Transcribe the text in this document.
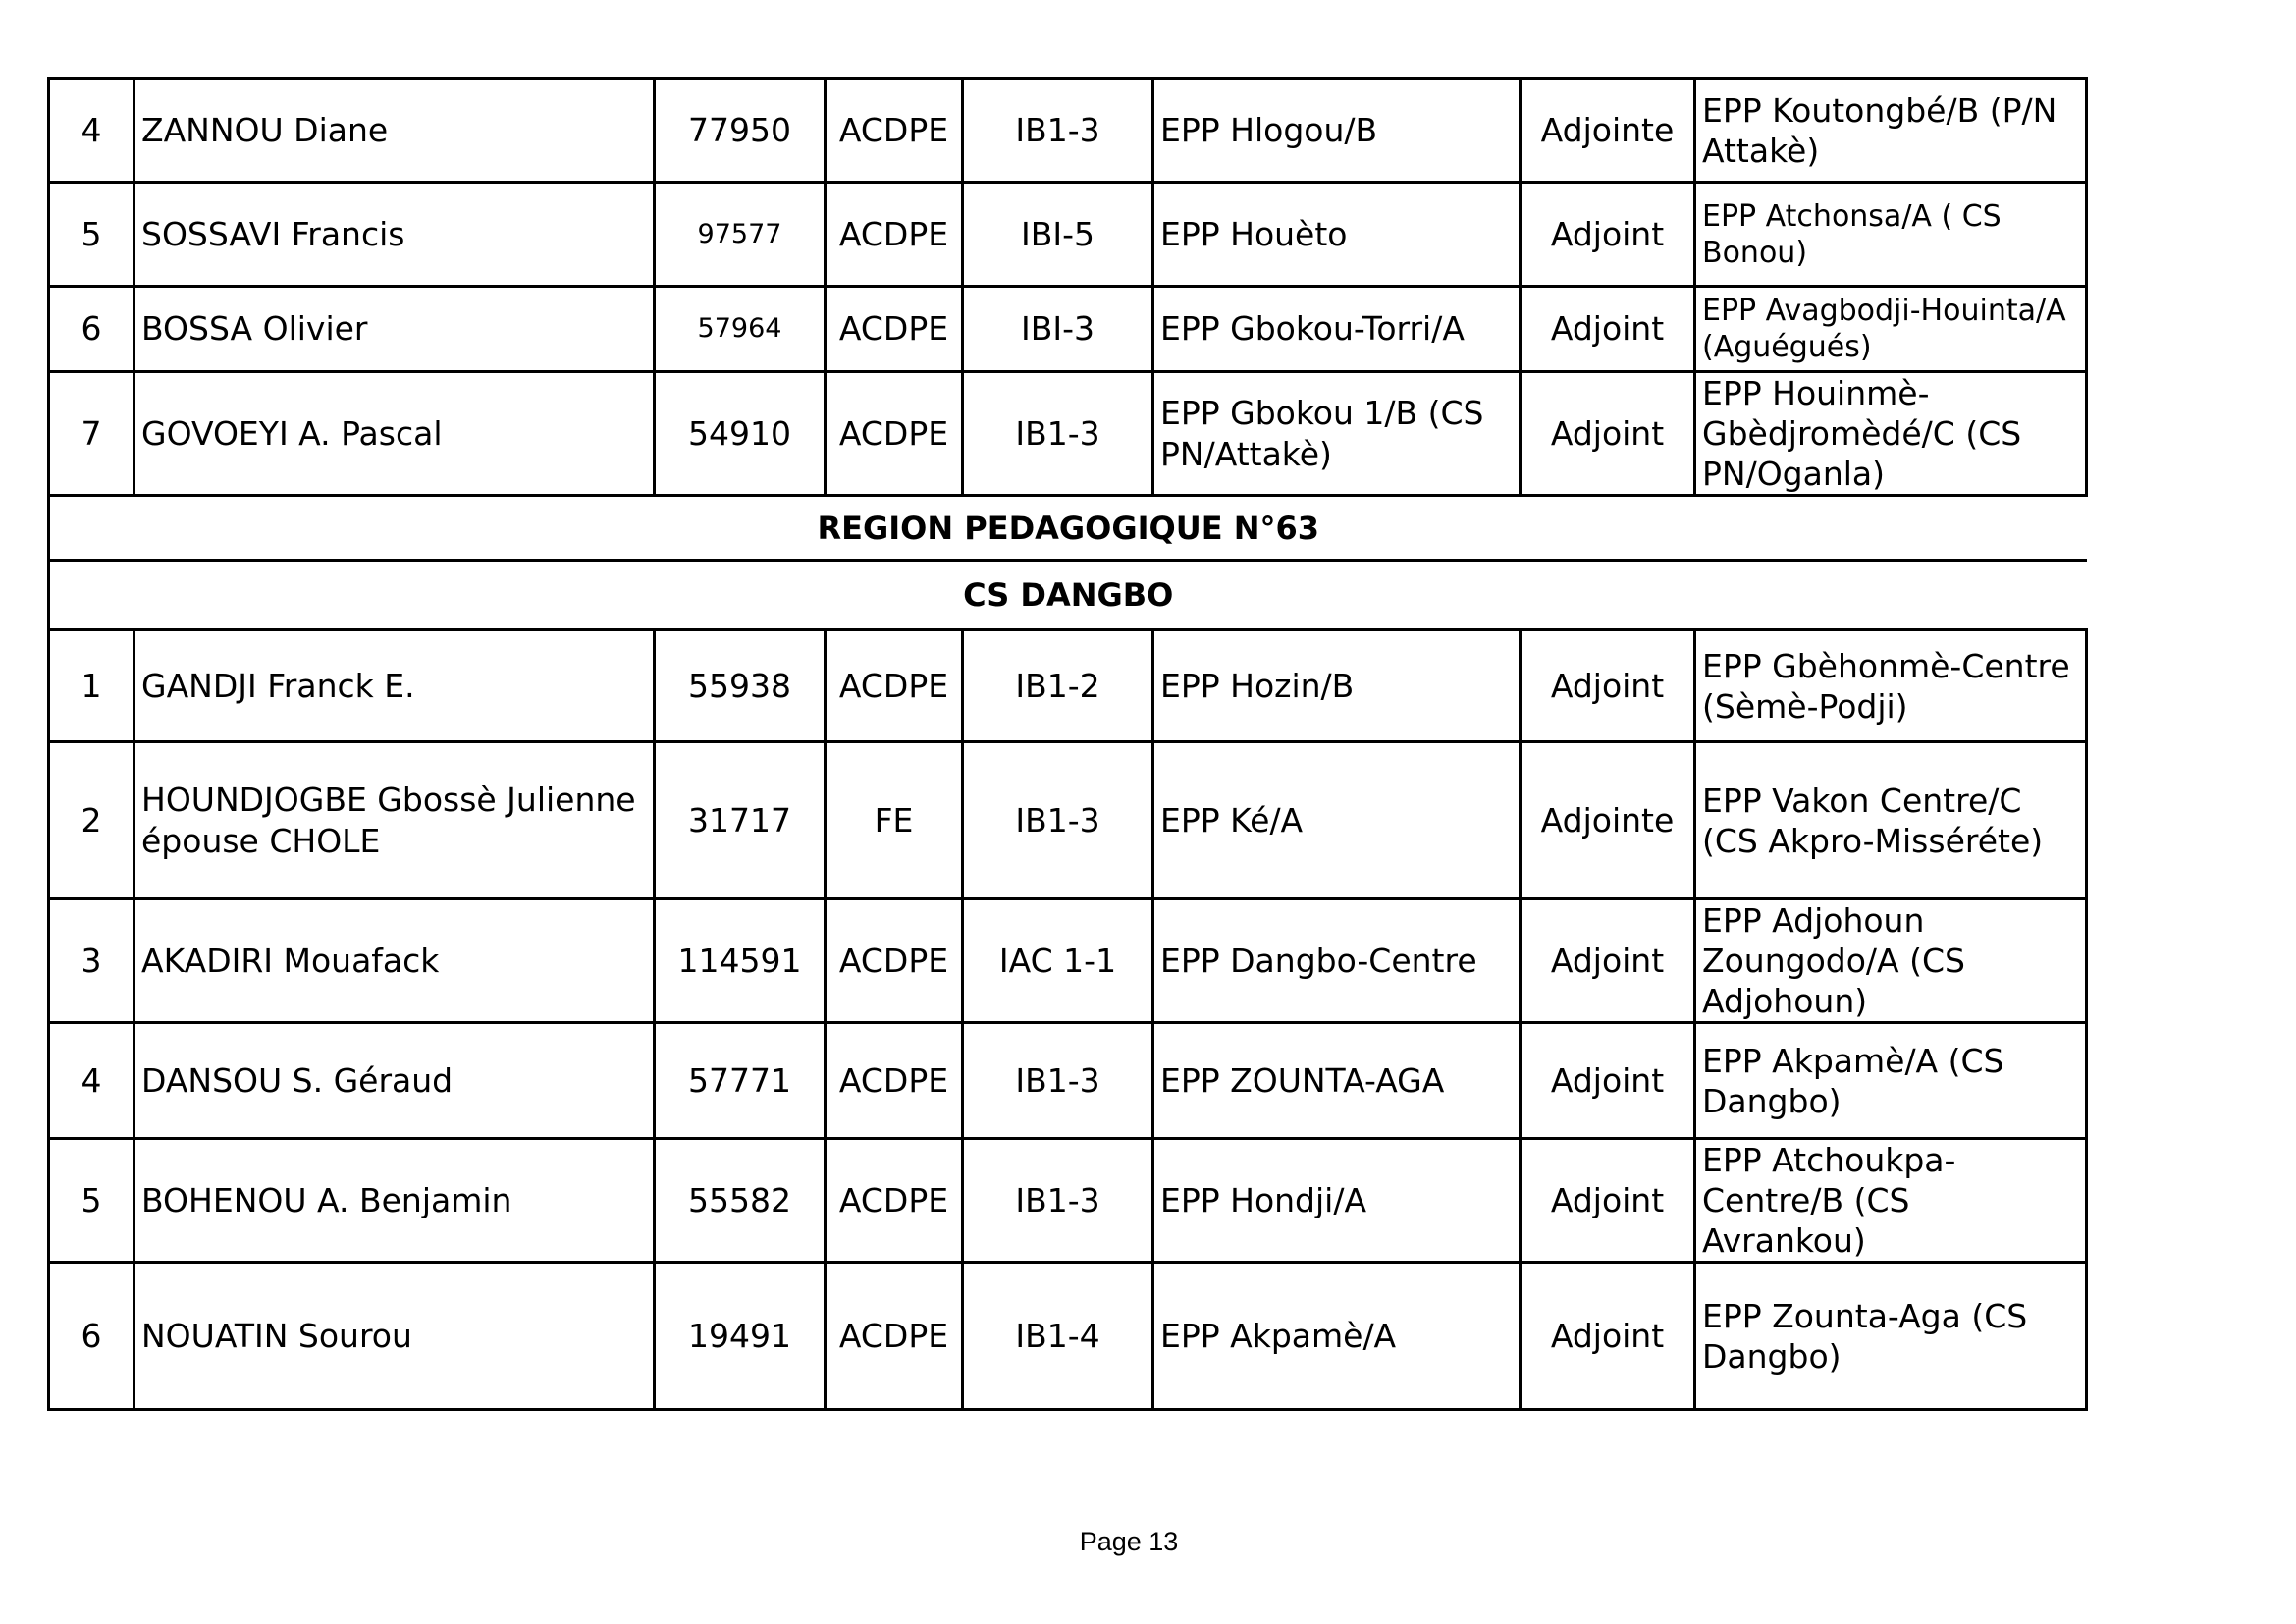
4	ZANNOU Diane	77950	ACDPE	IB1-3	EPP Hlogou/B	Adjointe	EPP Koutongbé/B (P/N Attakè)
5	SOSSAVI Francis	97577	ACDPE	IBI-5	EPP Houèto	Adjoint	EPP Atchonsa/A ( CS Bonou)
6	BOSSA Olivier	57964	ACDPE	IBI-3	EPP Gbokou-Torri/A	Adjoint	EPP Avagbodji-Houinta/A (Aguégués)
7	GOVOEYI A. Pascal	54910	ACDPE	IB1-3	EPP Gbokou 1/B (CS PN/Attakè)	Adjoint	EPP Houinmè-Gbèdjromèdé/C (CS PN/Oganla)
REGION PEDAGOGIQUE N°63							
CS DANGBO							
1	GANDJI Franck E.	55938	ACDPE	IB1-2	EPP Hozin/B	Adjoint	EPP Gbèhonmè-Centre (Sèmè-Podji)
2	HOUNDJOGBE Gbossè Julienne épouse CHOLE	31717	FE	IB1-3	EPP Ké/A	Adjointe	EPP Vakon Centre/C (CS Akpro-Misséréte)
3	AKADIRI Mouafack	114591	ACDPE	IAC 1-1	EPP Dangbo-Centre	Adjoint	EPP Adjohoun Zoungodo/A (CS Adjohoun)
4	DANSOU S. Géraud	57771	ACDPE	IB1-3	EPP ZOUNTA-AGA	Adjoint	EPP Akpamè/A (CS Dangbo)
5	BOHENOU A. Benjamin	55582	ACDPE	IB1-3	EPP Hondji/A	Adjoint	EPP Atchoukpa-Centre/B (CS Avrankou)
6	NOUATIN Sourou	19491	ACDPE	IB1-4	EPP Akpamè/A	Adjoint	EPP Zounta-Aga (CS Dangbo)
Page 13
